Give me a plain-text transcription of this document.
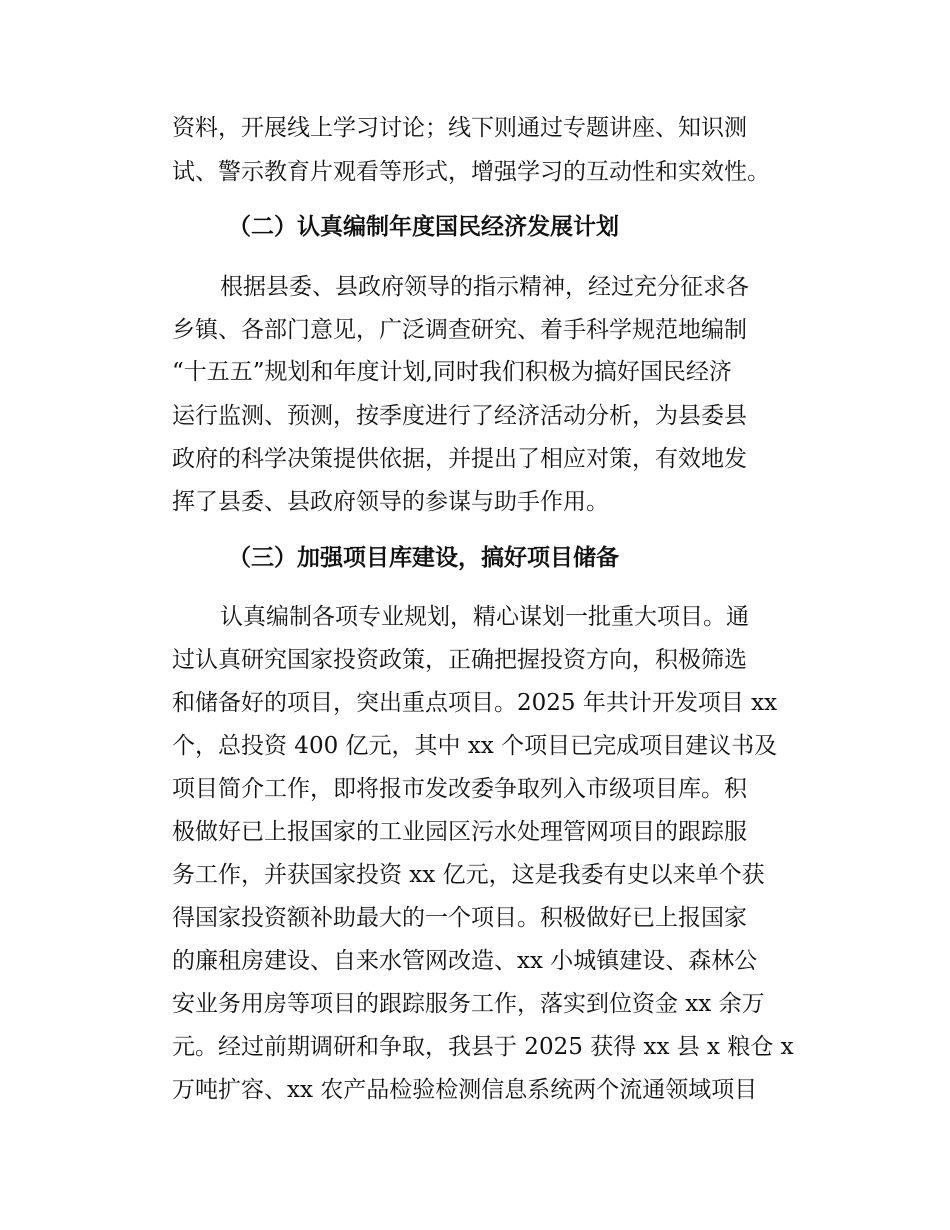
资料，开展线上学习讨论；线下则通过专题讲座、知识测
试、警示教育片观看等形式，增强学习的互动性和实效性。
（二）认真编制年度国民经济发展计划
根据县委、县政府领导的指示精神，经过充分征求各
乡镇、各部门意见，广泛调查研究、着手科学规范地编制
“十五五”规划和年度计划,同时我们积极为搞好国民经济
运行监测、预测，按季度进行了经济活动分析，为县委县
政府的科学决策提供依据，并提出了相应对策，有效地发
挥了县委、县政府领导的参谋与助手作用。
（三）加强项目库建设，搞好项目储备
认真编制各项专业规划，精心谋划一批重大项目。通
过认真研究国家投资政策，正确把握投资方向，积极筛选
和储备好的项目，突出重点项目。2025 年共计开发项目 xx
个，总投资 400 亿元，其中 xx 个项目已完成项目建议书及
项目简介工作，即将报市发改委争取列入市级项目库。积
极做好已上报国家的工业园区污水处理管网项目的跟踪服
务工作，并获国家投资 xx 亿元，这是我委有史以来单个获
得国家投资额补助最大的一个项目。积极做好已上报国家
的廉租房建设、自来水管网改造、xx 小城镇建设、森林公
安业务用房等项目的跟踪服务工作，落实到位资金 xx 余万
元。经过前期调研和争取，我县于 2025 获得 xx 县 x 粮仓 x
万吨扩容、xx 农产品检验检测信息系统两个流通领域项目
